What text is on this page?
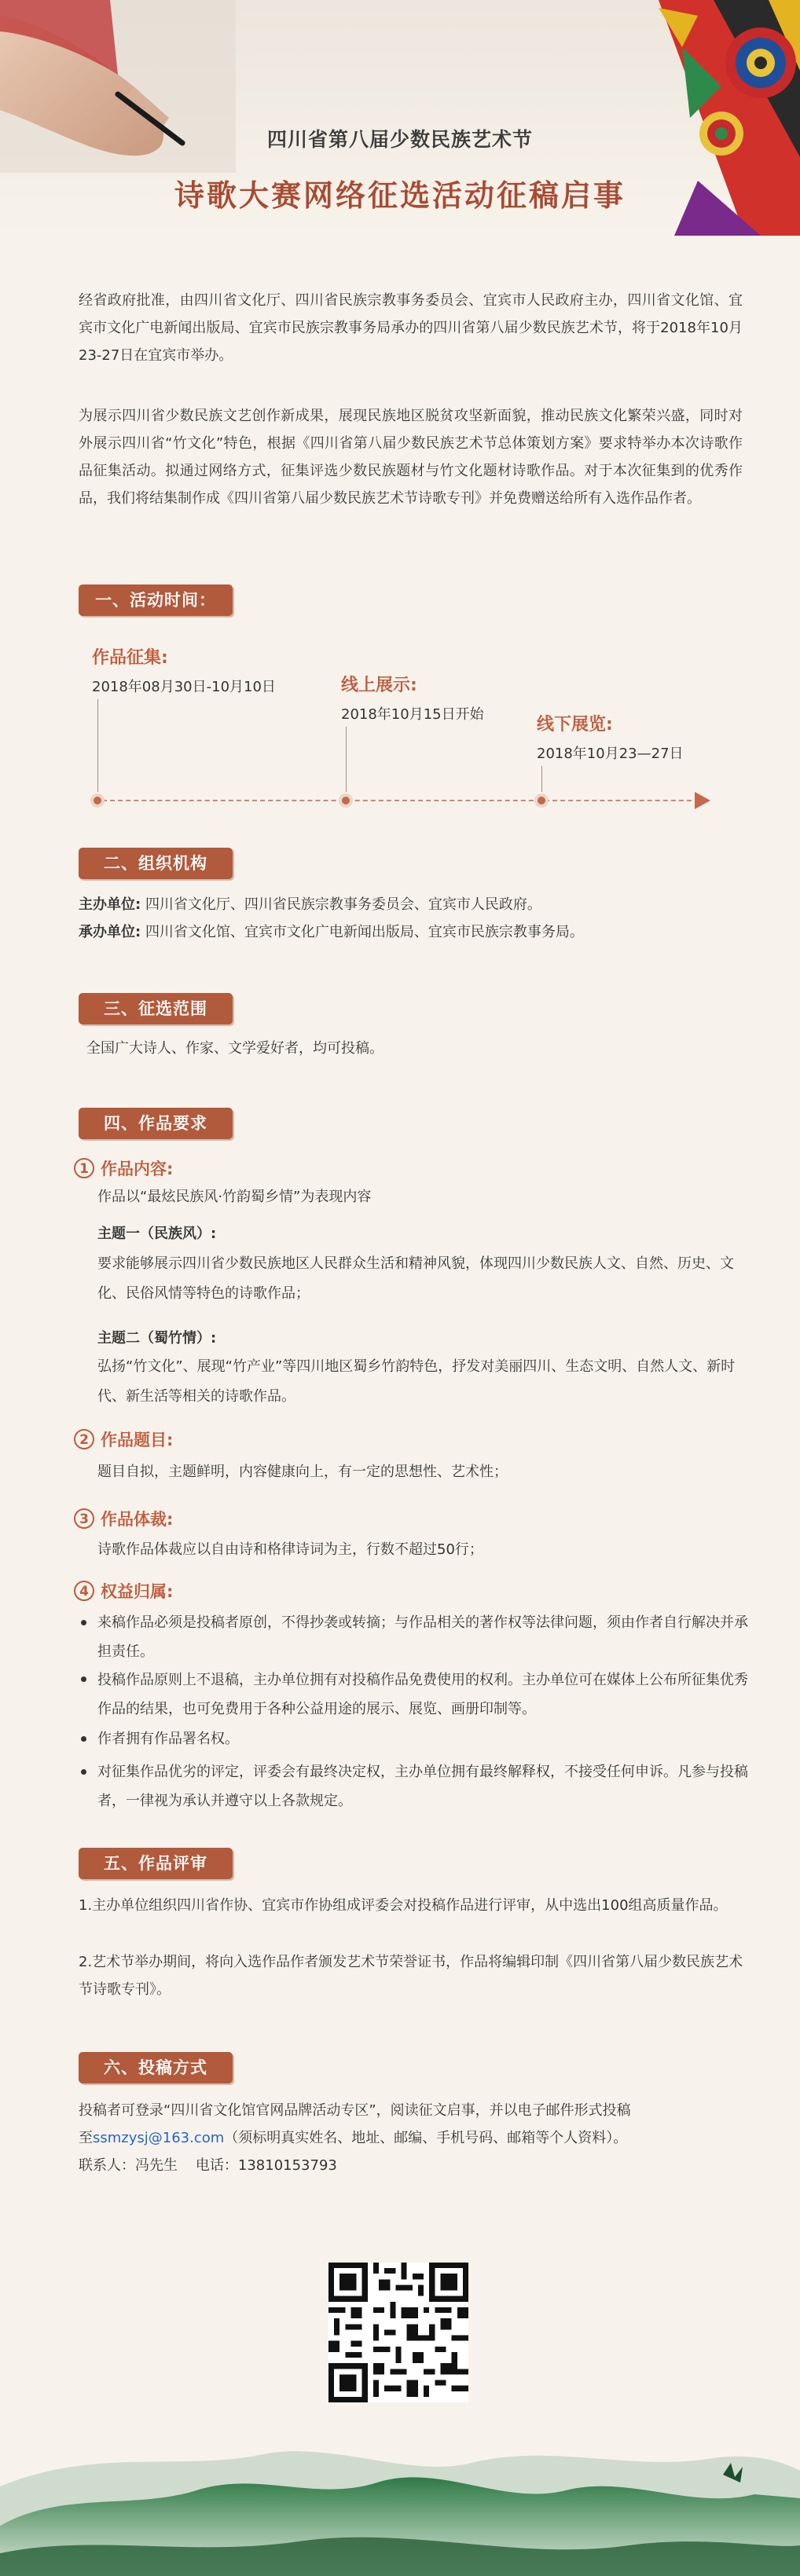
四川省第八届少数民族艺术节
诗歌大赛网络征选活动征稿启事
经省政府批准，由四川省文化厅、四川省民族宗教事务委员会、宜宾市人民政府主办，四川省文化馆、宜宾市文化广电新闻出版局、宜宾市民族宗教事务局承办的四川省第八届少数民族艺术节，将于2018年10月23-27日在宜宾市举办。
为展示四川省少数民族文艺创作新成果，展现民族地区脱贫攻坚新面貌，推动民族文化繁荣兴盛，同时对外展示四川省“竹文化”特色，根据《四川省第八届少数民族艺术节总体策划方案》要求特举办本次诗歌作品征集活动。拟通过网络方式，征集评选少数民族题材与竹文化题材诗歌作品。对于本次征集到的优秀作品，我们将结集制作成《四川省第八届少数民族艺术节诗歌专刊》并免费赠送给所有入选作品作者。
一、活动时间：
作品征集:
2018年08月30日-10月10日	线上展示:
2018年10月15日开始
线下展览:
2018年10月23—27日
二、组织机构
主办单位: 四川省文化厅、四川省民族宗教事务委员会、宜宾市人民政府。
承办单位: 四川省文化馆、宜宾市文化广电新闻出版局、宜宾市民族宗教事务局。
三、征选范围
全国广大诗人、作家、文学爱好者，均可投稿。
四、作品要求
1 作品内容:
作品以“最炫民族风·竹韵蜀乡情”为表现内容
主题一（民族风）:
要求能够展示四川省少数民族地区人民群众生活和精神风貌，体现四川少数民族人文、自然、历史、文化、民俗风情等特色的诗歌作品；
主题二（蜀竹情）:
弘扬“竹文化”、展现“竹产业”等四川地区蜀乡竹韵特色，抒发对美丽四川、生态文明、自然人文、新时代、新生活等相关的诗歌作品。
2 作品题目:
题目自拟，主题鲜明，内容健康向上，有一定的思想性、艺术性；
3 作品体裁:
诗歌作品体裁应以自由诗和格律诗词为主，行数不超过50行；
4 权益归属:
来稿作品必须是投稿者原创，不得抄袭或转摘；与作品相关的著作权等法律问题，须由作者自行解决并承担责任。
投稿作品原则上不退稿，主办单位拥有对投稿作品免费使用的权利。主办单位可在媒体上公布所征集优秀作品的结果，也可免费用于各种公益用途的展示、展览、画册印制等。
作者拥有作品署名权。
对征集作品优劣的评定，评委会有最终决定权，主办单位拥有最终解释权，不接受任何申诉。凡参与投稿者，一律视为承认并遵守以上各款规定。
五、作品评审
1.主办单位组织四川省作协、宜宾市作协组成评委会对投稿作品进行评审，从中选出100组高质量作品。
2.艺术节举办期间，将向入选作品作者颁发艺术节荣誉证书，作品将编辑印制《四川省第八届少数民族艺术节诗歌专刊》。
六、投稿方式
投稿者可登录“四川省文化馆官网品牌活动专区”，阅读征文启事，并以电子邮件形式投稿
至ssmzysj@163.com（须标明真实姓名、地址、邮编、手机号码、邮箱等个人资料）。
联系人：冯先生    电话：13810153793
